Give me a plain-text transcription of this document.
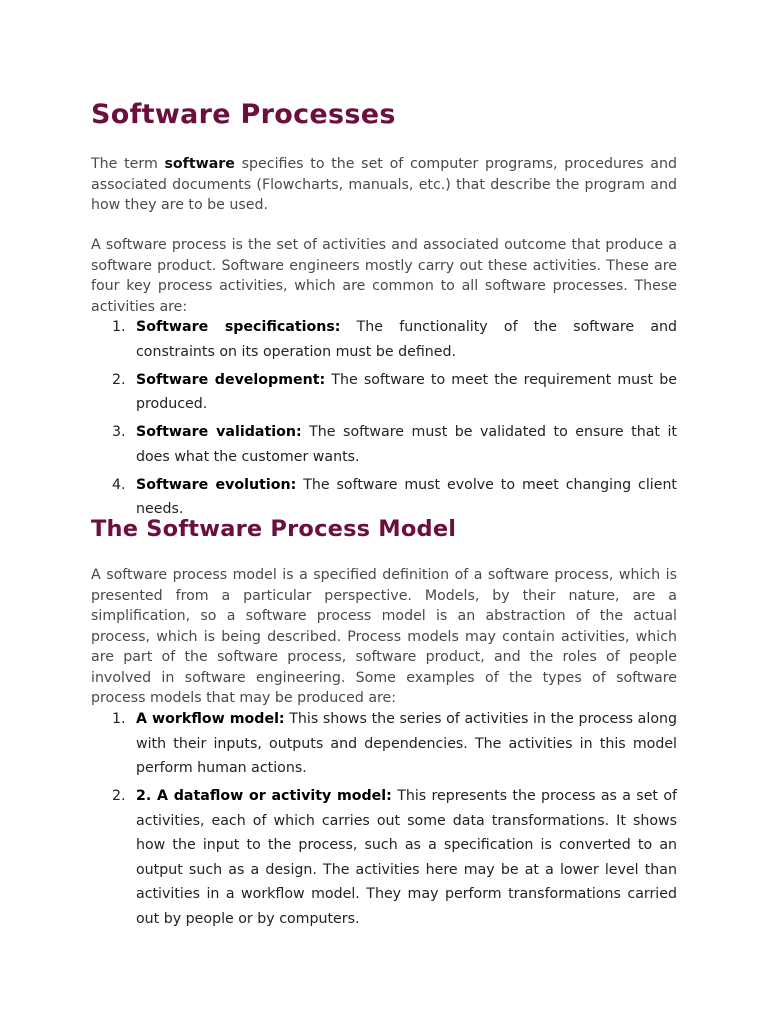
Software Processes

The term software specifies to the set of computer programs, procedures and associated documents (Flowcharts, manuals, etc.) that describe the program and how they are to be used.

A software process is the set of activities and associated outcome that produce a software product. Software engineers mostly carry out these activities. These are four key process activities, which are common to all software processes. These activities are:

1. Software specifications: The functionality of the software and constraints on its operation must be defined.
2. Software development: The software to meet the requirement must be produced.
3. Software validation: The software must be validated to ensure that it does what the customer wants.
4. Software evolution: The software must evolve to meet changing client needs.
The Software Process Model

A software process model is a specified definition of a software process, which is presented from a particular perspective. Models, by their nature, are a simplification, so a software process model is an abstraction of the actual process, which is being described. Process models may contain activities, which are part of the software process, software product, and the roles of people involved in software engineering. Some examples of the types of software process models that may be produced are:

1. A workflow model: This shows the series of activities in the process along with their inputs, outputs and dependencies. The activities in this model perform human actions.
2. 2. A dataflow or activity model: This represents the process as a set of activities, each of which carries out some data transformations. It shows how the input to the process, such as a specification is converted to an output such as a design. The activities here may be at a lower level than activities in a workflow model. They may perform transformations carried out by people or by computers.
